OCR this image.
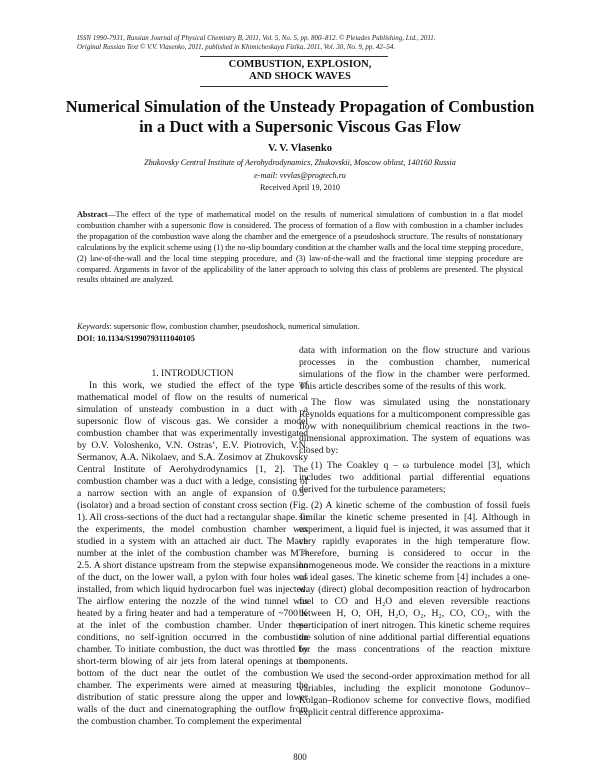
ISSN 1990-7931, Russian Journal of Physical Chemistry B, 2011, Vol. 5, No. 5, pp. 800–812. © Pleiades Publishing, Ltd., 2011.
Original Russian Text © V.V. Vlasenko, 2011, published in Khimicheskaya Fizika, 2011, Vol. 30, No. 9, pp. 42–54.
COMBUSTION, EXPLOSION,
AND SHOCK WAVES
Numerical Simulation of the Unsteady Propagation of Combustion
in a Duct with a Supersonic Viscous Gas Flow
V. V. Vlasenko
Zhukovsky Central Institute of Aerohydrodynamics, Zhukovskii, Moscow oblast, 140160 Russia
e-mail: vvvlas@progtech.ru
Received April 19, 2010
Abstract—The effect of the type of mathematical model on the results of numerical simulations of combustion in a flat model combustion chamber with a supersonic flow is considered. The process of formation of a flow with combustion in a chamber includes the propagation of the combustion wave along the chamber and the emergence of a pseudoshock structure. The results of nonstationary calculations by the explicit scheme using (1) the no-slip boundary condition at the chamber walls and the local time stepping procedure, (2) law-of-the-wall and the local time stepping procedure, and (3) law-of-the-wall and the fractional time stepping procedure are compared. Arguments in favor of the applicability of the latter approach to solving this class of problems are presented. The physical results obtained are analyzed.
Keywords: supersonic flow, combustion chamber, pseudoshock, numerical simulation.
DOI: 10.1134/S1990793111040105

1. INTRODUCTION

In this work, we studied the effect of the type of mathematical model of flow on the results of numerical simulation of unsteady combustion in a duct with a supersonic flow of viscous gas. We consider a model combustion chamber that was experimentally investigated by O.V. Voloshenko, V.N. Ostras’, E.V. Piotrovich, V.N. Sermanov, A.A. Nikolaev, and S.A. Zosimov at Zhukovsky Central Institute of Aerohydrodynamics [1, 2]. The combustion chamber was a duct with a ledge, consisting of a narrow section with an angle of expansion of 0.5° (isolator) and a broad section of constant cross section (Fig. 1). All cross-sections of the duct had a rectangular shape. In the experiments, the model combustion chamber was studied in a system with an attached air duct. The Mach number at the inlet of the combustion chamber was M ≈ 2.5. A short distance upstream from the stepwise expansion of the duct, on the lower wall, a pylon with four holes was installed, from which liquid hydrocarbon fuel was injected. The airflow entering the nozzle of the wind tunnel was heated by a firing heater and had a temperature of ~700 K at the inlet of the combustion chamber. Under these conditions, no self-ignition occurred in the combustion chamber. To initiate combustion, the duct was throttled by short-term blowing of air jets from lateral openings at the bottom of the duct near the outlet of the combustion chamber. The experiments were aimed at measuring the distribution of static pressure along the upper and lower walls of the duct and cinematographing the outflow from the combustion chamber. To complement the experimental

data with information on the flow structure and various processes in the combustion chamber, numerical simulations of the flow in the chamber were performed. This article describes some of the results of this work.

The flow was simulated using the nonstationary Reynolds equations for a multicomponent compressible gas flow with nonequilibrium chemical reactions in the two-dimensional approximation. The system of equations was closed by:

(1) The Coakley q – ω turbulence model [3], which includes two additional partial differential equations derived for the turbulence parameters;

(2) A kinetic scheme of the combustion of fossil fuels similar the kinetic scheme presented in [4]. Although in experiment, a liquid fuel is injected, it was assumed that it very rapidly evaporates in the high temperature flow. Therefore, burning is considered to occur in the homogeneous mode. We consider the reactions in a mixture of ideal gases. The kinetic scheme from [4] includes a one-way (direct) global decomposition reaction of hydrocarbon fuel to CO and H₂O and eleven reversible reactions between H, O, OH, H₂O, O₂, H₂, CO, CO₂, with the participation of inert nitrogen. This kinetic scheme requires the solution of nine additional partial differential equations for the mass concentrations of the reaction mixture components.

We used the second-order approximation method for all variables, including the explicit monotone Godunov–Kolgan–Rodionov scheme for convective flows, modified explicit central difference approxima-

800
